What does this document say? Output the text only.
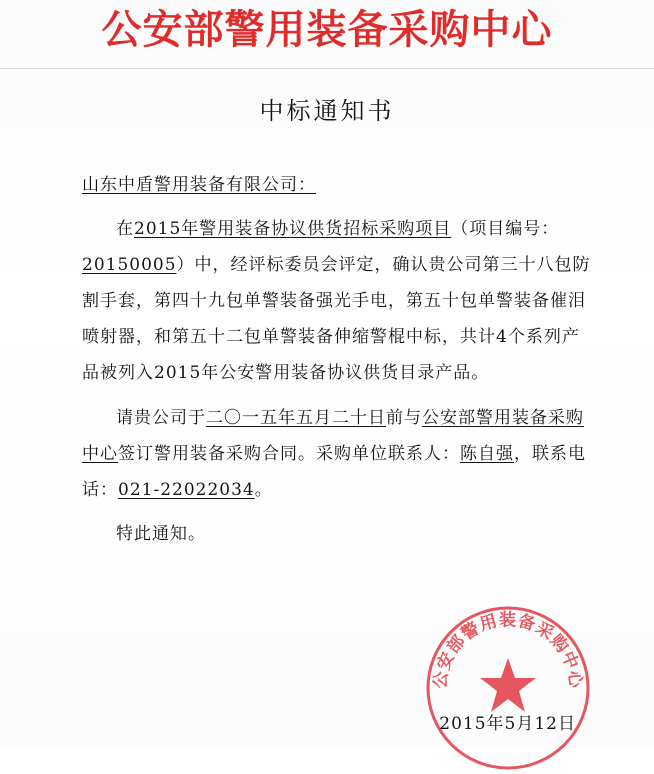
公安部警用装备采购中心
中标通知书
山东中盾警用装备有限公司：

在2015年警用装备协议供货招标采购项目（项目编号：20150005）中，经评标委员会评定，确认贵公司第三十八包防割手套，第四十九包单警装备强光手电，第五十包单警装备催泪喷射器，和第五十二包单警装备伸缩警棍中标，共计4个系列产品被列入2015年公安警用装备协议供货目录产品。

请贵公司于二〇一五年五月二十日前与公安部警用装备采购中心签订警用装备采购合同。采购单位联系人：陈自强，联系电话：021-22022034。

特此通知。

公安部警用装备采购中心
2015年5月12日
